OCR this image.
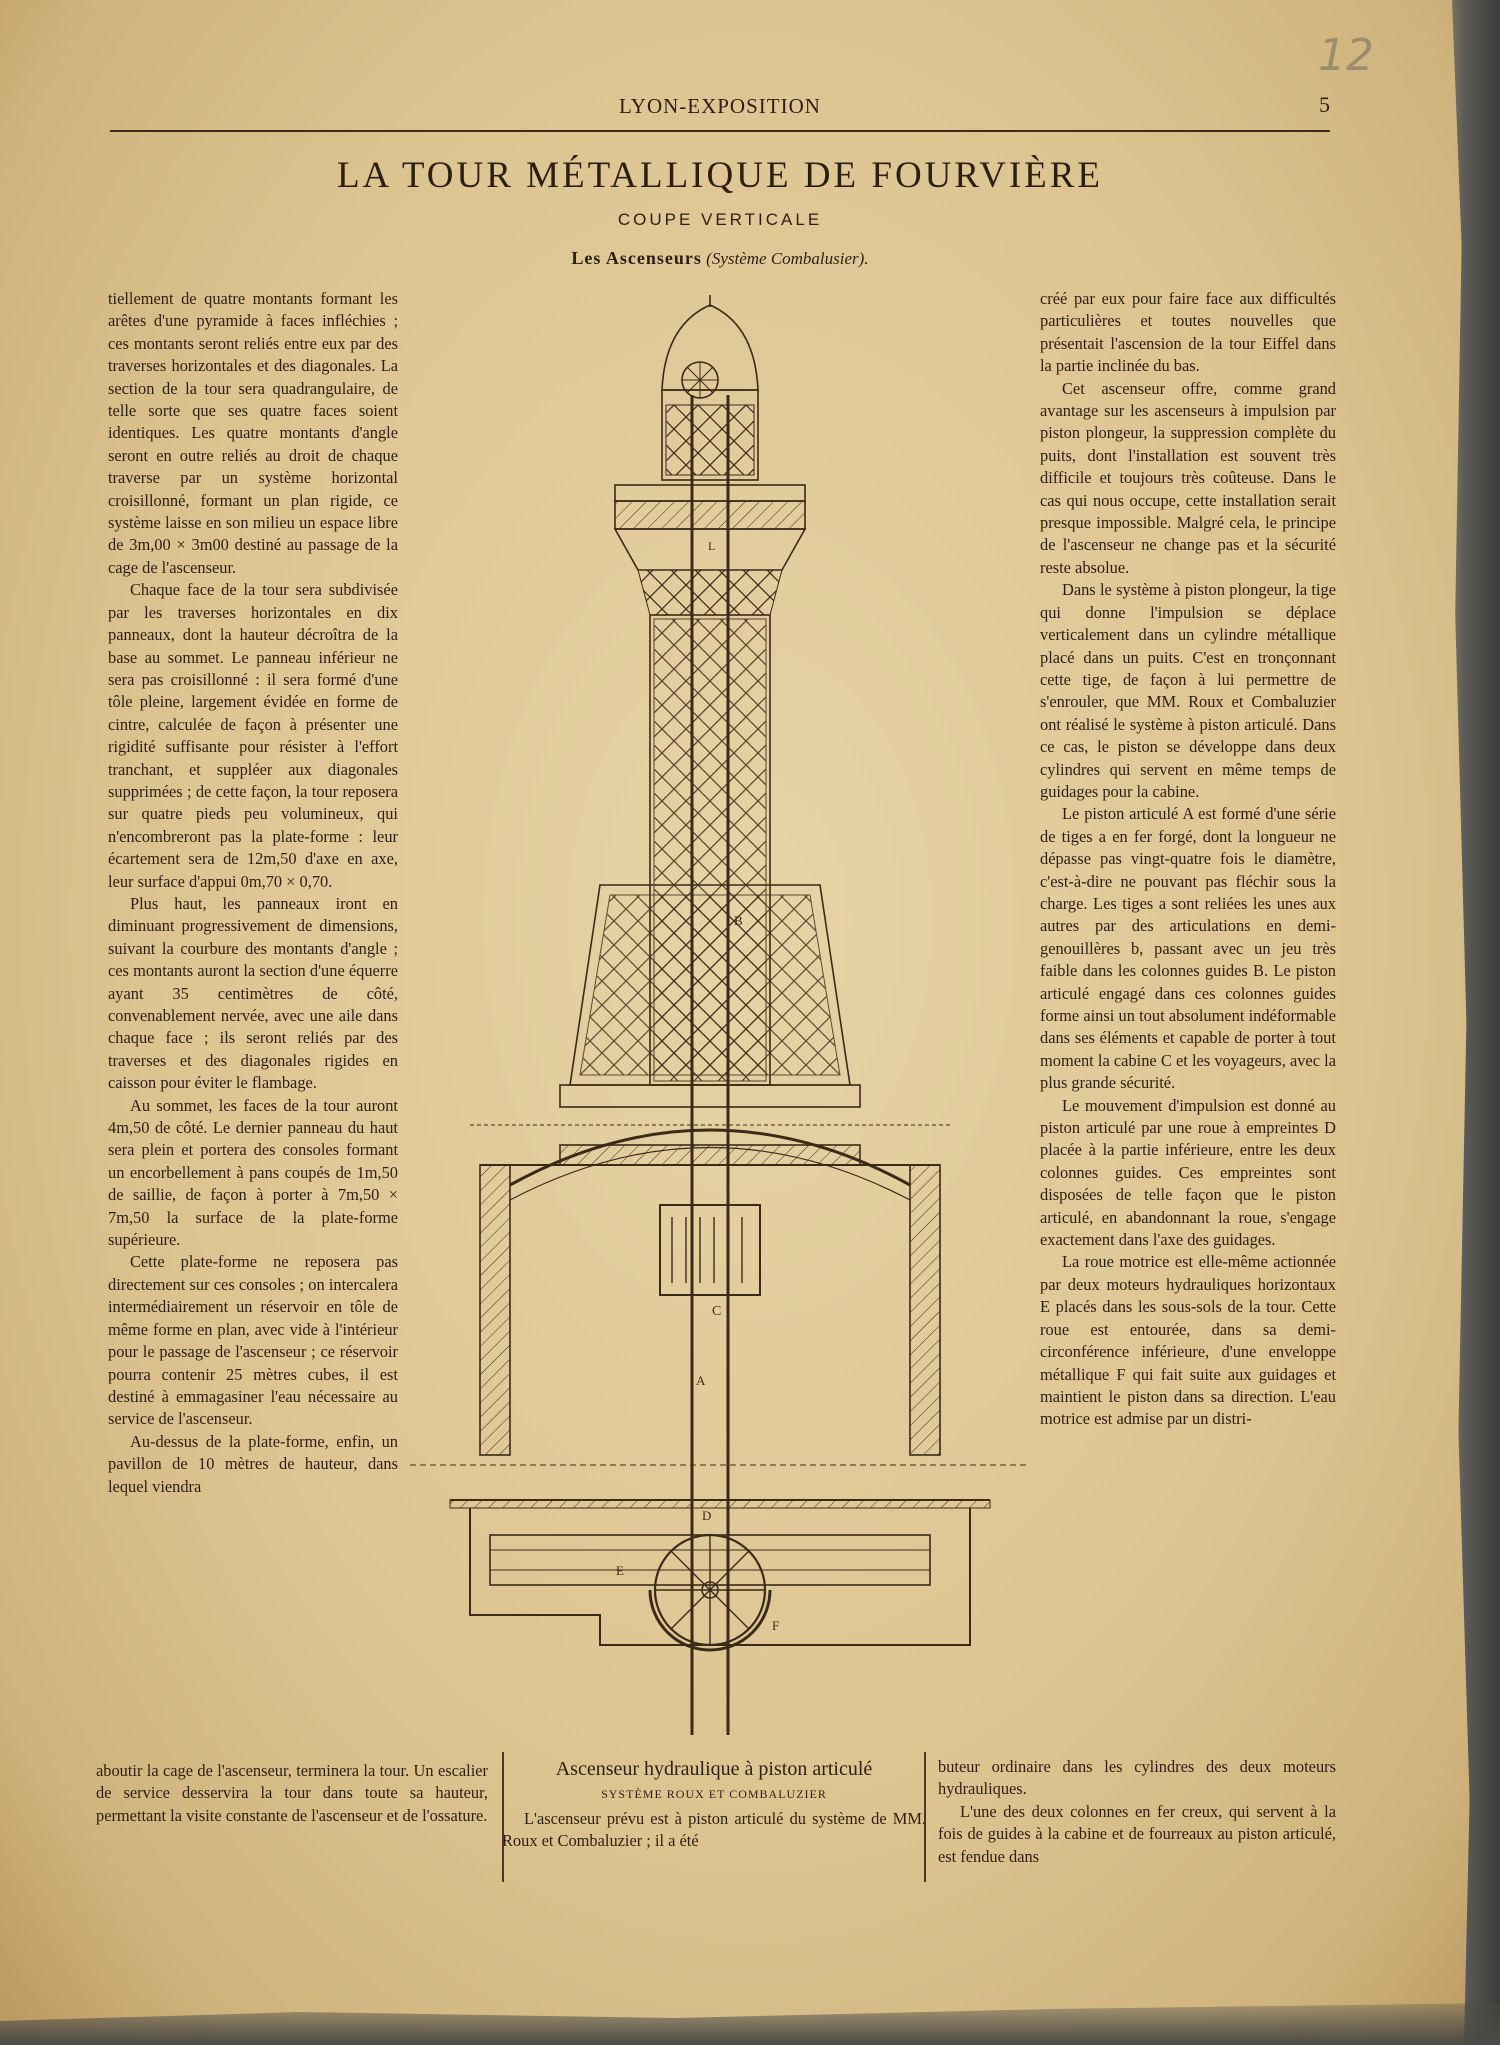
12
LYON-EXPOSITION	5
LA TOUR MÉTALLIQUE DE FOURVIÈRE
COUPE VERTICALE
Les Ascenseurs (Système Combalusier).

tiellement de quatre montants formant les arêtes d'une pyramide à faces infléchies ; ces montants seront reliés entre eux par des traverses horizontales et des diagonales. La section de la tour sera quadrangulaire, de telle sorte que ses quatre faces soient identiques. Les quatre montants d'angle seront en outre reliés au droit de chaque traverse par un système horizontal croisillonné, formant un plan rigide, ce système laisse en son milieu un espace libre de 3m,00 × 3m00 destiné au passage de la cage de l'ascenseur.

Chaque face de la tour sera subdivisée par les traverses horizontales en dix panneaux, dont la hauteur décroîtra de la base au sommet. Le panneau inférieur ne sera pas croisillonné : il sera formé d'une tôle pleine, largement évidée en forme de cintre, calculée de façon à présenter une rigidité suffisante pour résister à l'effort tranchant, et suppléer aux diagonales supprimées ; de cette façon, la tour reposera sur quatre pieds peu volumineux, qui n'encombreront pas la plate-forme : leur écartement sera de 12m,50 d'axe en axe, leur surface d'appui 0m,70 × 0,70.

Plus haut, les panneaux iront en diminuant progressivement de dimensions, suivant la courbure des montants d'angle ; ces montants auront la section d'une équerre ayant 35 centimètres de côté, convenablement nervée, avec une aile dans chaque face ; ils seront reliés par des traverses et des diagonales rigides en caisson pour éviter le flambage.

Au sommet, les faces de la tour auront 4m,50 de côté. Le dernier panneau du haut sera plein et portera des consoles formant un encorbellement à pans coupés de 1m,50 de saillie, de façon à porter à 7m,50 × 7m,50 la surface de la plate-forme supérieure.

Cette plate-forme ne reposera pas directement sur ces consoles ; on intercalera intermédiairement un réservoir en tôle de même forme en plan, avec vide à l'intérieur pour le passage de l'ascenseur ; ce réservoir pourra contenir 25 mètres cubes, il est destiné à emmagasiner l'eau nécessaire au service de l'ascenseur.

Au-dessus de la plate-forme, enfin, un pavillon de 10 mètres de hauteur, dans lequel viendra

aboutir la cage de l'ascenseur, terminera la tour. Un escalier de service desservira la tour dans toute sa hauteur, permettant la visite constante de l'ascenseur et de l'ossature.

créé par eux pour faire face aux difficultés particulières et toutes nouvelles que présentait l'ascension de la tour Eiffel dans la partie inclinée du bas.

Cet ascenseur offre, comme grand avantage sur les ascenseurs à impulsion par piston plongeur, la suppression complète du puits, dont l'installation est souvent très difficile et toujours très coûteuse. Dans le cas qui nous occupe, cette installation serait presque impossible. Malgré cela, le principe de l'ascenseur ne change pas et la sécurité reste absolue.

Dans le système à piston plongeur, la tige qui donne l'impulsion se déplace verticalement dans un cylindre métallique placé dans un puits. C'est en tronçonnant cette tige, de façon à lui permettre de s'enrouler, que MM. Roux et Combaluzier ont réalisé le système à piston articulé. Dans ce cas, le piston se développe dans deux cylindres qui servent en même temps de guidages pour la cabine.

Le piston articulé A est formé d'une série de tiges a en fer forgé, dont la longueur ne dépasse pas vingt-quatre fois le diamètre, c'est-à-dire ne pouvant pas fléchir sous la charge. Les tiges a sont reliées les unes aux autres par des articulations en demi-genouillères b, passant avec un jeu très faible dans les colonnes guides B. Le piston articulé engagé dans ces colonnes guides forme ainsi un tout absolument indéformable dans ses éléments et capable de porter à tout moment la cabine C et les voyageurs, avec la plus grande sécurité.

Le mouvement d'impulsion est donné au piston articulé par une roue à empreintes D placée à la partie inférieure, entre les deux colonnes guides. Ces empreintes sont disposées de telle façon que le piston articulé, en abandonnant la roue, s'engage exactement dans l'axe des guidages.

La roue motrice est elle-même actionnée par deux moteurs hydrauliques horizontaux E placés dans les sous-sols de la tour. Cette roue est entourée, dans sa demi-circonférence inférieure, d'une enveloppe métallique F qui fait suite aux guidages et maintient le piston dans sa direction. L'eau motrice est admise par un distri-

buteur ordinaire dans les cylindres des deux moteurs hydrauliques.

L'une des deux colonnes en fer creux, qui servent à la fois de guides à la cabine et de fourreaux au piston articulé, est fendue dans

Ascenseur hydraulique à piston articulé
SYSTÈME ROUX ET COMBALUZIER

L'ascenseur prévu est à piston articulé du système de MM. Roux et Combaluzier ; il a été

C
E
F
D
B
A
L
